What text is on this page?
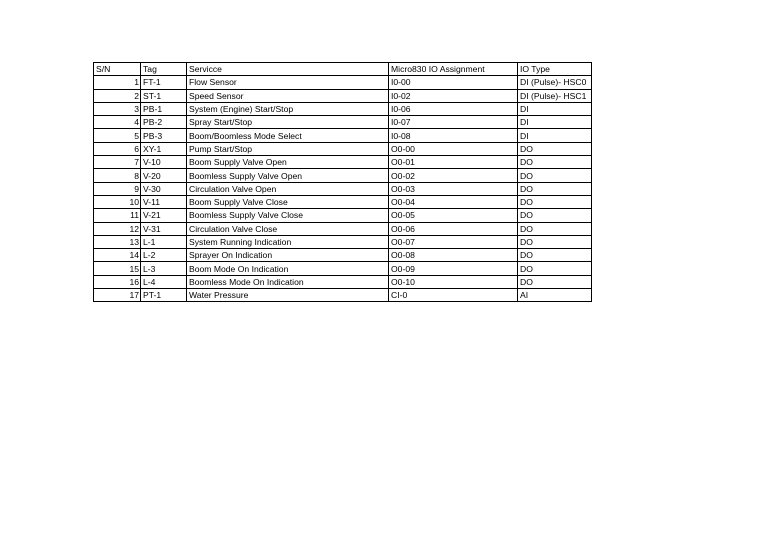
S/N	Tag	Servicce	Micro830 IO Assignment	IO Type
1	FT-1	Flow Sensor	I0-00	DI (Pulse)- HSC0
2	ST-1	Speed Sensor	I0-02	DI (Pulse)- HSC1
3	PB-1	System (Engine) Start/Stop	I0-06	DI
4	PB-2	Spray Start/Stop	I0-07	DI
5	PB-3	Boom/Boomless Mode Select	I0-08	DI
6	XY-1	Pump Start/Stop	O0-00	DO
7	V-10	Boom Supply Valve Open	O0-01	DO
8	V-20	Boomless Supply Valve Open	O0-02	DO
9	V-30	Circulation Valve Open	O0-03	DO
10	V-11	Boom Supply Valve Close	O0-04	DO
11	V-21	Boomless Supply Valve Close	O0-05	DO
12	V-31	Circulation Valve Close	O0-06	DO
13	L-1	System Running Indication	O0-07	DO
14	L-2	Sprayer On Indication	O0-08	DO
15	L-3	Boom Mode On Indication	O0-09	DO
16	L-4	Boomless Mode On Indication	O0-10	DO
17	PT-1	Water Pressure	CI-0	AI
